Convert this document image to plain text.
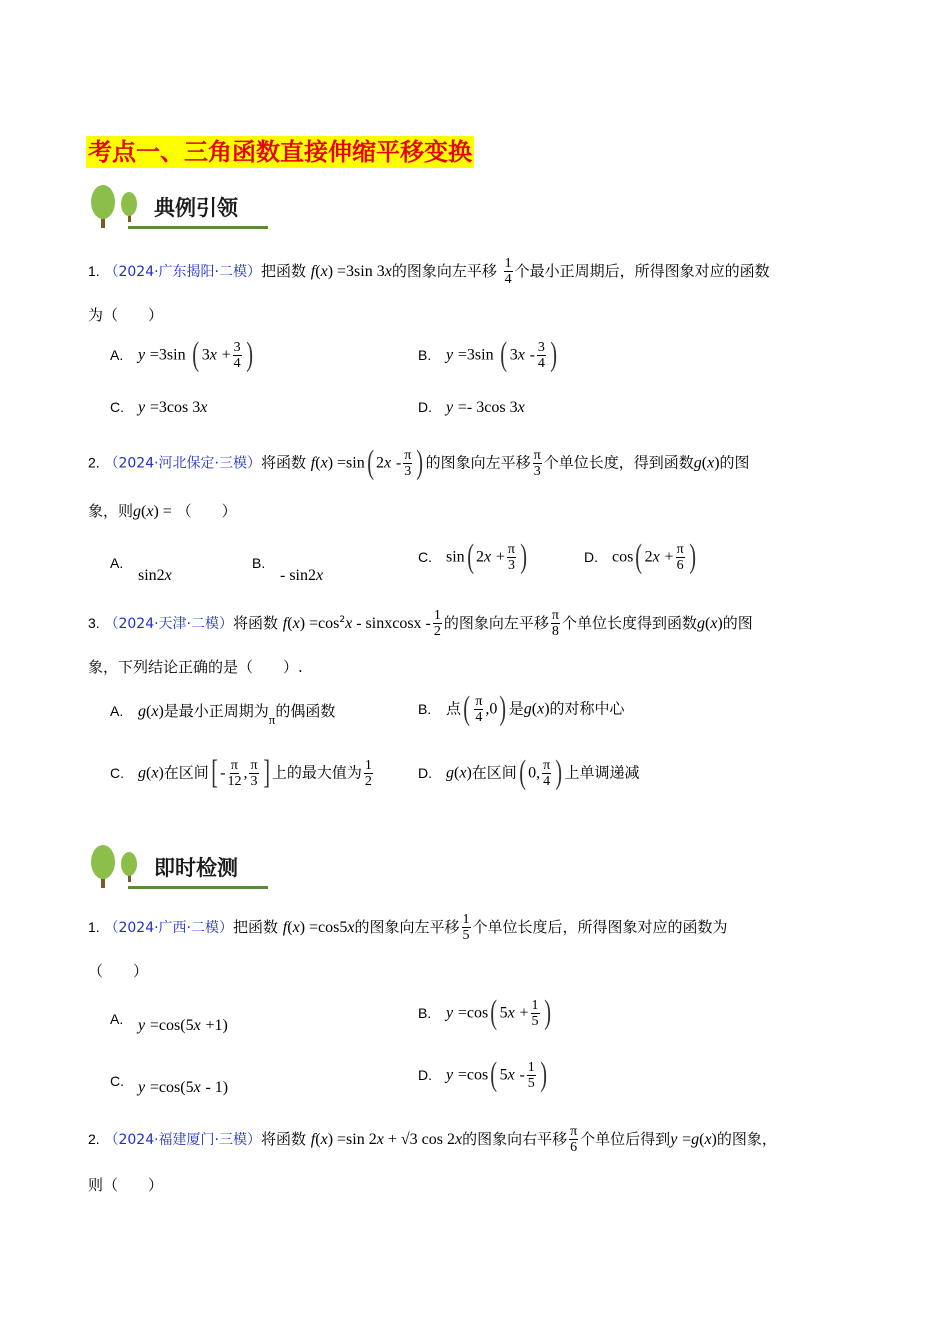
考点一、三角函数直接伸缩平移变换
典例引领
1. （2024·广东揭阳·二模）把函数 f(x) =3sin 3x的图象向左平移 $\frac{1}{4}$ 个最小正周期后，所得图象对应的函数
为（　　）
A. y =3sin ( $3x + \frac{3}{4}$ )	B. y =3sin ( $3x - \frac{3}{4}$ )
C. y =3cos 3x	D. y =- 3cos 3x
2. （2024·河北保定·三模）将函数 f(x) =sin( $2x - \frac{\pi}{3}$ ) 的图象向左平移 $\frac{\pi}{3}$ 个单位长度，得到函数g(x)的图
象，则g(x) = （　　）
A.sin2x
B.- sin2x
C. sin( $2x + \frac{\pi}{3}$ )	D. cos( $2x + \frac{\pi}{6}$ )
3. （2024·天津·二模）将函数 $f(x) =\cos^2x$ - sinxcosx - $\frac{1}{2}$ 的图象向左平移 $\frac{\pi}{8}$ 个单位长度得到函数g(x)的图
象，下列结论正确的是（　　）.
A. g(x)是最小正周期为π的偶函数	B. 点( $\frac{\pi}{4} ,0$) 是g(x)的对称中心
C. g(x)在区间[ - $\frac{\pi}{12}$ , $\frac{\pi}{3}$ ] 上的最大值为 $\frac{1}{2}$	D. g(x)在区间( 0, $\frac{\pi}{4}$ ) 上单调递减
即时检测
1. （2024·广西·二模）把函数 f(x) =cos5x的图象向左平移 $\frac{1}{5}$ 个单位长度后，所得图象对应的函数为
（　　）
A. y =cos(5x +1)
B. y =cos( $5x + \frac{1}{5}$ )
C. y =cos(5x - 1)
D. y =cos( $5x - \frac{1}{5}$ )
2. （2024·福建厦门·三模）将函数 f(x) =sin 2x + √3 cos 2x的图象向右平移 $\frac{\pi}{6}$ 个单位后得到y =g(x)的图象，
则（　　）
